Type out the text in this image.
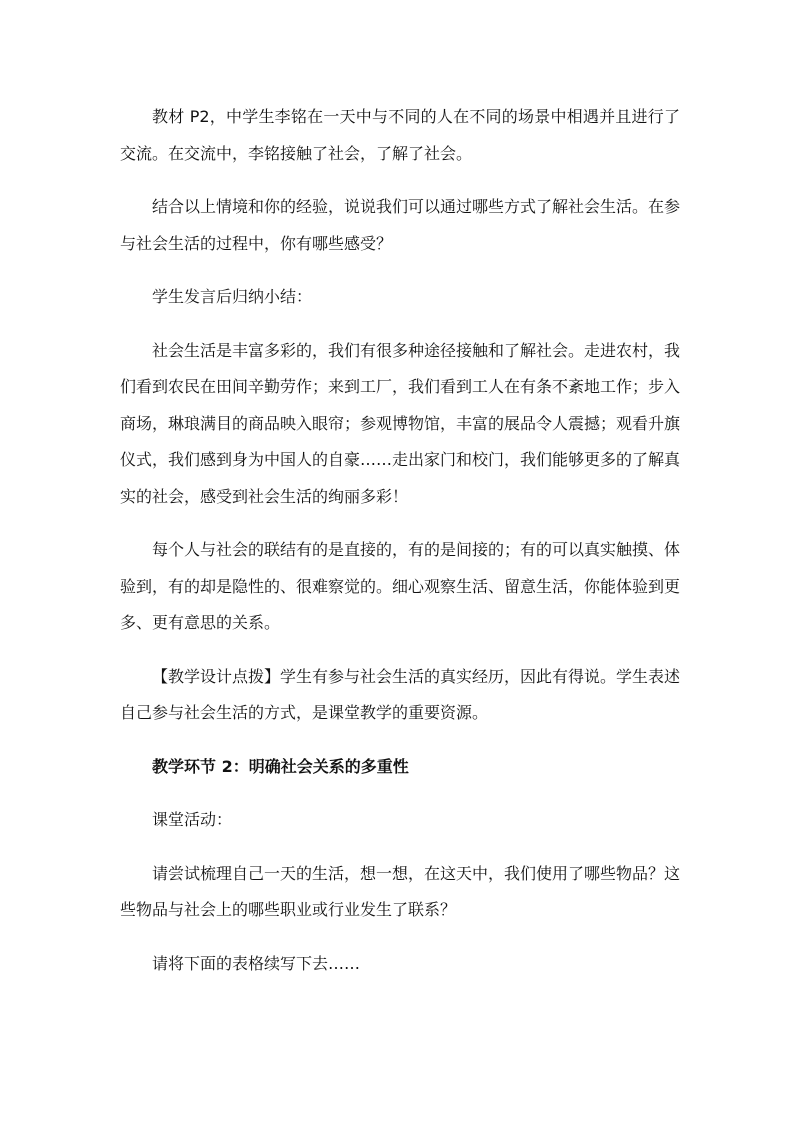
教材 P2，中学生李铭在一天中与不同的人在不同的场景中相遇并且进行了交流。在交流中，李铭接触了社会，了解了社会。

结合以上情境和你的经验，说说我们可以通过哪些方式了解社会生活。在参与社会生活的过程中，你有哪些感受？

学生发言后归纳小结：

社会生活是丰富多彩的，我们有很多种途径接触和了解社会。走进农村，我们看到农民在田间辛勤劳作；来到工厂，我们看到工人在有条不紊地工作；步入商场，琳琅满目的商品映入眼帘；参观博物馆，丰富的展品令人震撼；观看升旗仪式，我们感到身为中国人的自豪……走出家门和校门，我们能够更多的了解真实的社会，感受到社会生活的绚丽多彩！

每个人与社会的联结有的是直接的，有的是间接的；有的可以真实触摸、体验到，有的却是隐性的、很难察觉的。细心观察生活、留意生活，你能体验到更多、更有意思的关系。

【教学设计点拨】学生有参与社会生活的真实经历，因此有得说。学生表述自己参与社会生活的方式，是课堂教学的重要资源。

教学环节 2：明确社会关系的多重性

课堂活动：

请尝试梳理自己一天的生活，想一想，在这天中，我们使用了哪些物品？这些物品与社会上的哪些职业或行业发生了联系？

请将下面的表格续写下去……
